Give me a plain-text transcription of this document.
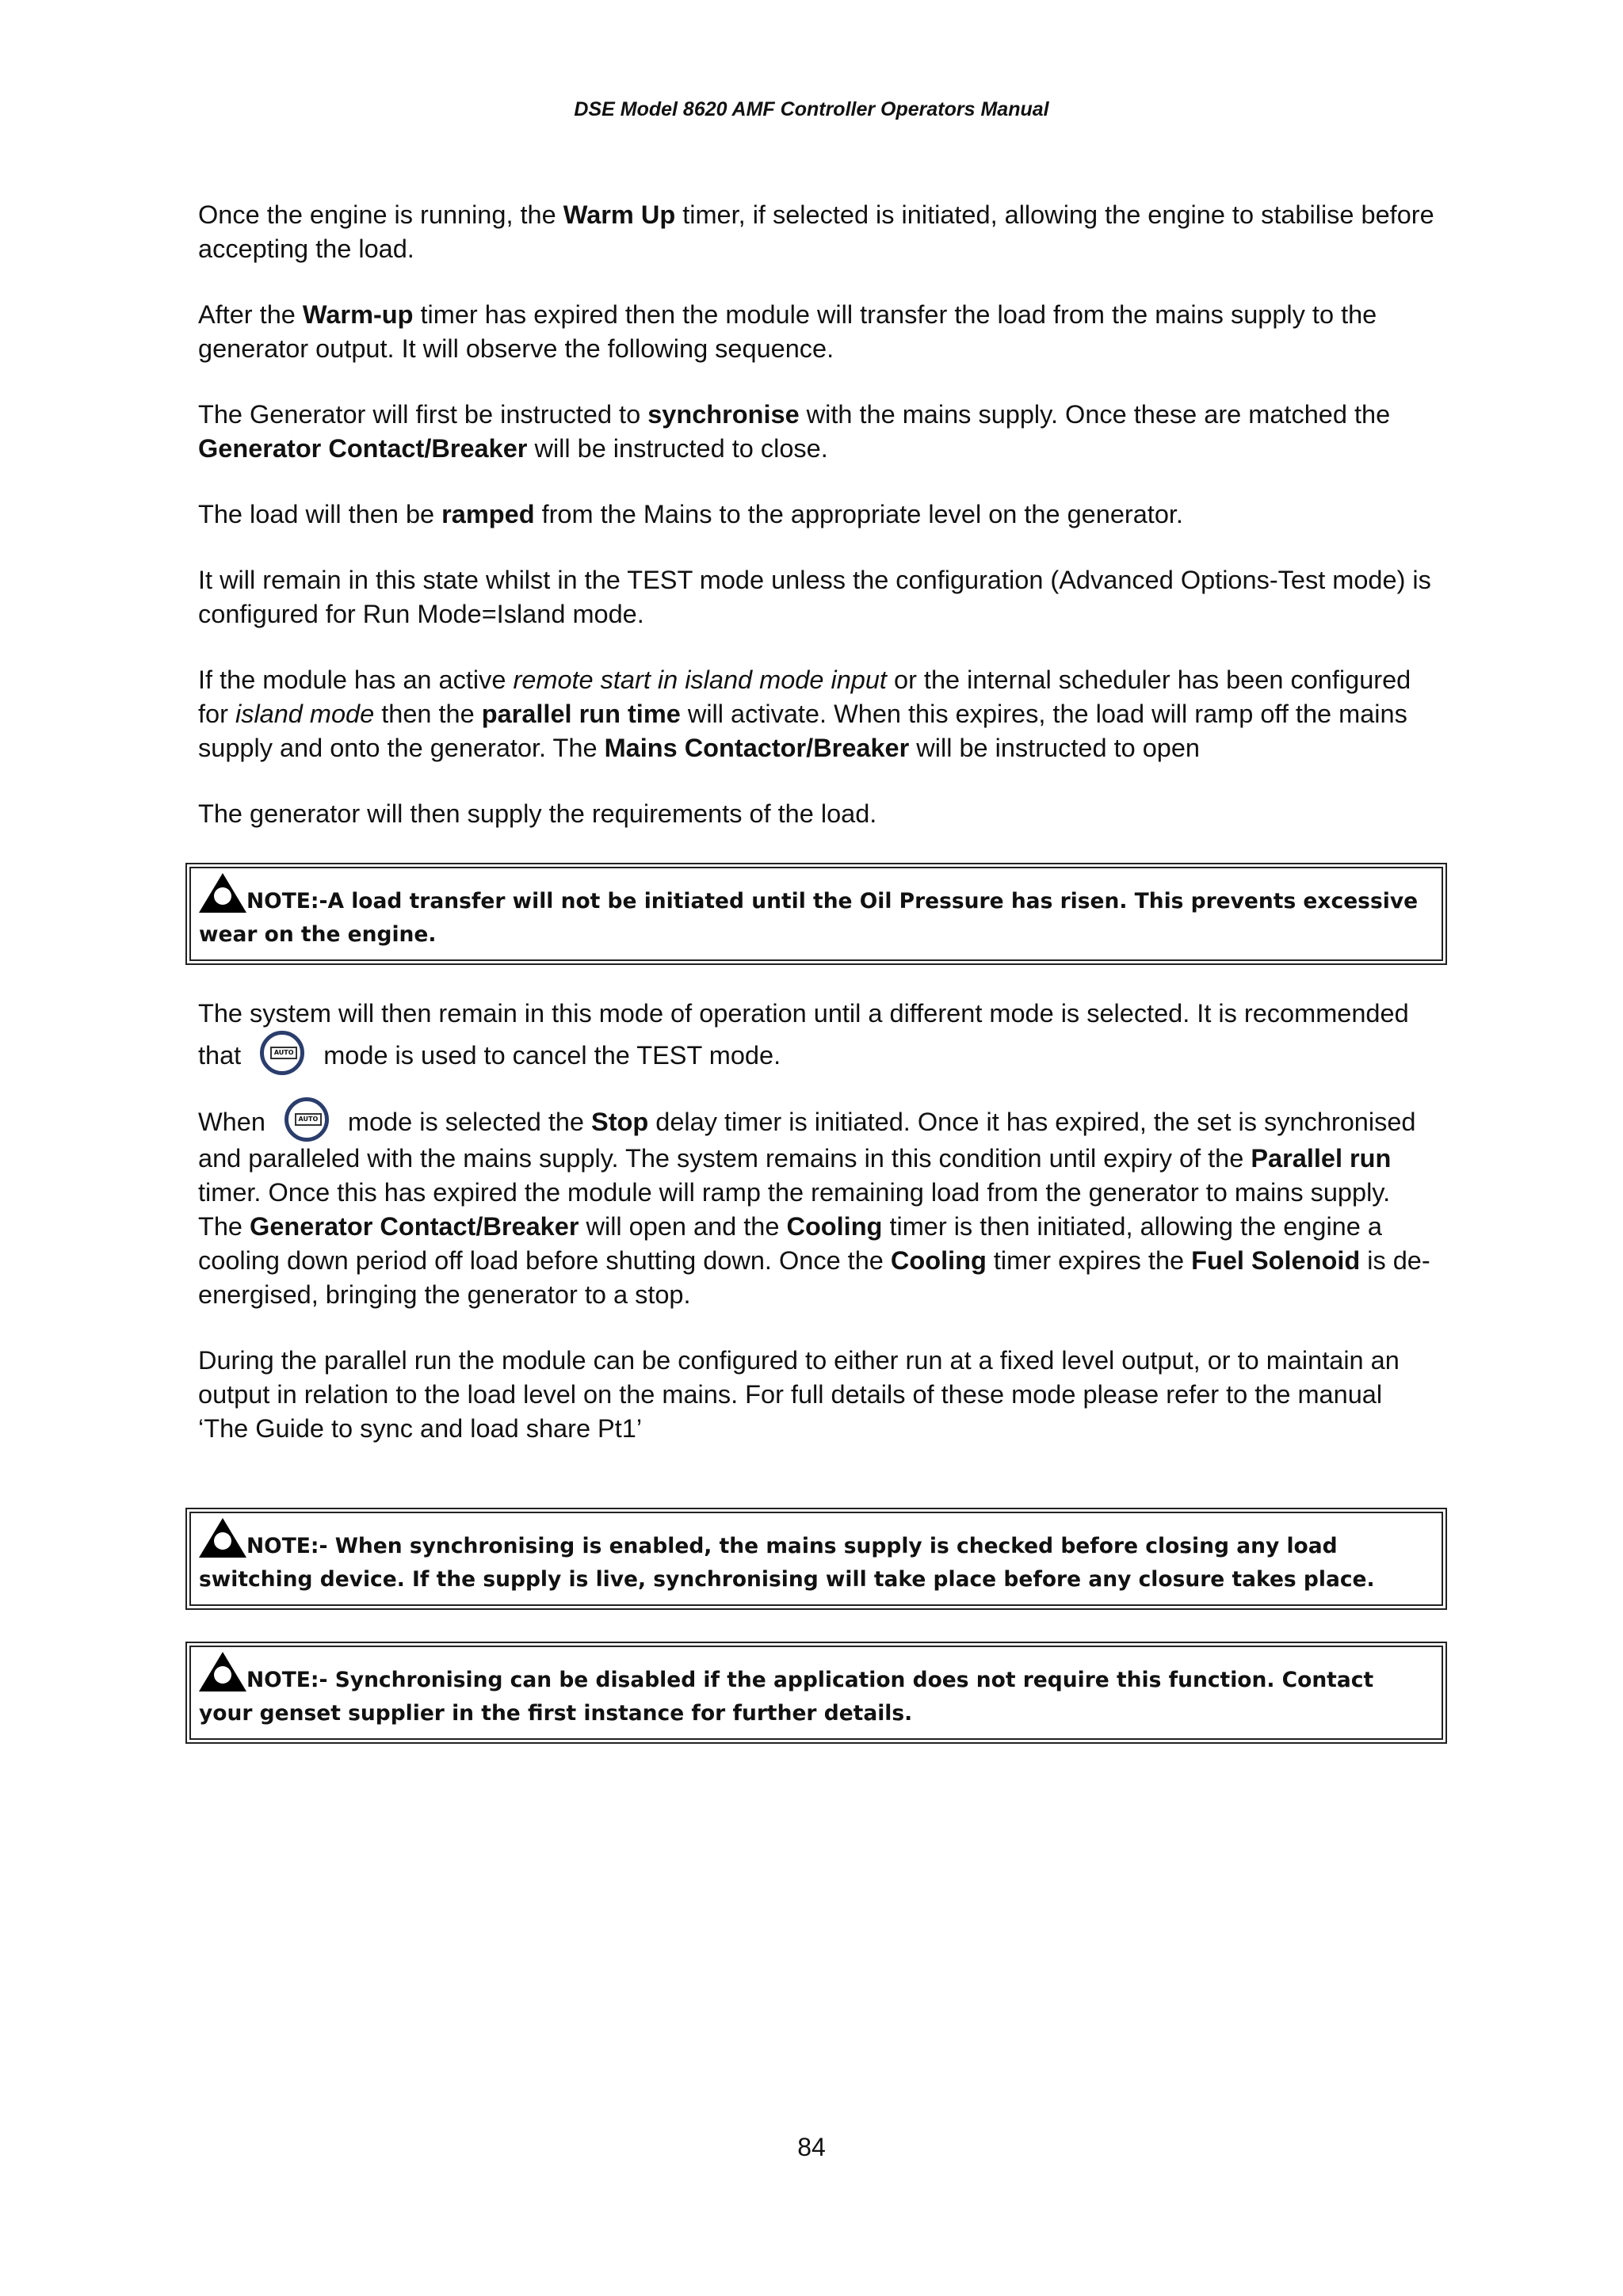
DSE Model 8620 AMF Controller Operators Manual

Once the engine is running, the Warm Up timer, if selected is initiated, allowing the engine to stabilise before accepting the load.

After the Warm-up timer has expired then the module will transfer the load from the mains supply to the generator output. It will observe the following sequence.

The Generator will first be instructed to synchronise with the mains supply. Once these are matched the Generator Contact/Breaker will be instructed to close.

The load will then be ramped from the Mains to the appropriate level on the generator.

It will remain in this state whilst in the TEST mode unless the configuration (Advanced Options-Test mode) is configured for Run Mode=Island mode.

If the module has an active remote start in island mode input or the internal scheduler has been configured for island mode then the parallel run time will activate. When this expires, the load will ramp off the mains supply and onto the generator. The Mains Contactor/Breaker will be instructed to open

The generator will then supply the requirements of the load.

NOTE:-A load transfer will not be initiated until the Oil Pressure has risen. This prevents excessive wear on the engine.

The system will then remain in this mode of operation until a different mode is selected. It is recommended that	AUTO mode is used to cancel the TEST mode.

When	AUTO mode is selected the Stop delay timer is initiated. Once it has expired, the set is synchronised and paralleled with the mains supply. The system remains in this condition until expiry of the Parallel run timer. Once this has expired the module will ramp the remaining load from the generator to mains supply. The Generator Contact/Breaker will open and the Cooling timer is then initiated, allowing the engine a cooling down period off load before shutting down. Once the Cooling timer expires the Fuel Solenoid is de-energised, bringing the generator to a stop.

During the parallel run the module can be configured to either run at a fixed level output, or to maintain an output in relation to the load level on the mains. For full details of these mode please refer to the manual ‘The Guide to sync and load share Pt1’

NOTE:- When synchronising is enabled, the mains supply is checked before closing any load switching device. If the supply is live, synchronising will take place before any closure takes place.
NOTE:- Synchronising can be disabled if the application does not require this function. Contact your genset supplier in the first instance for further details.
84
